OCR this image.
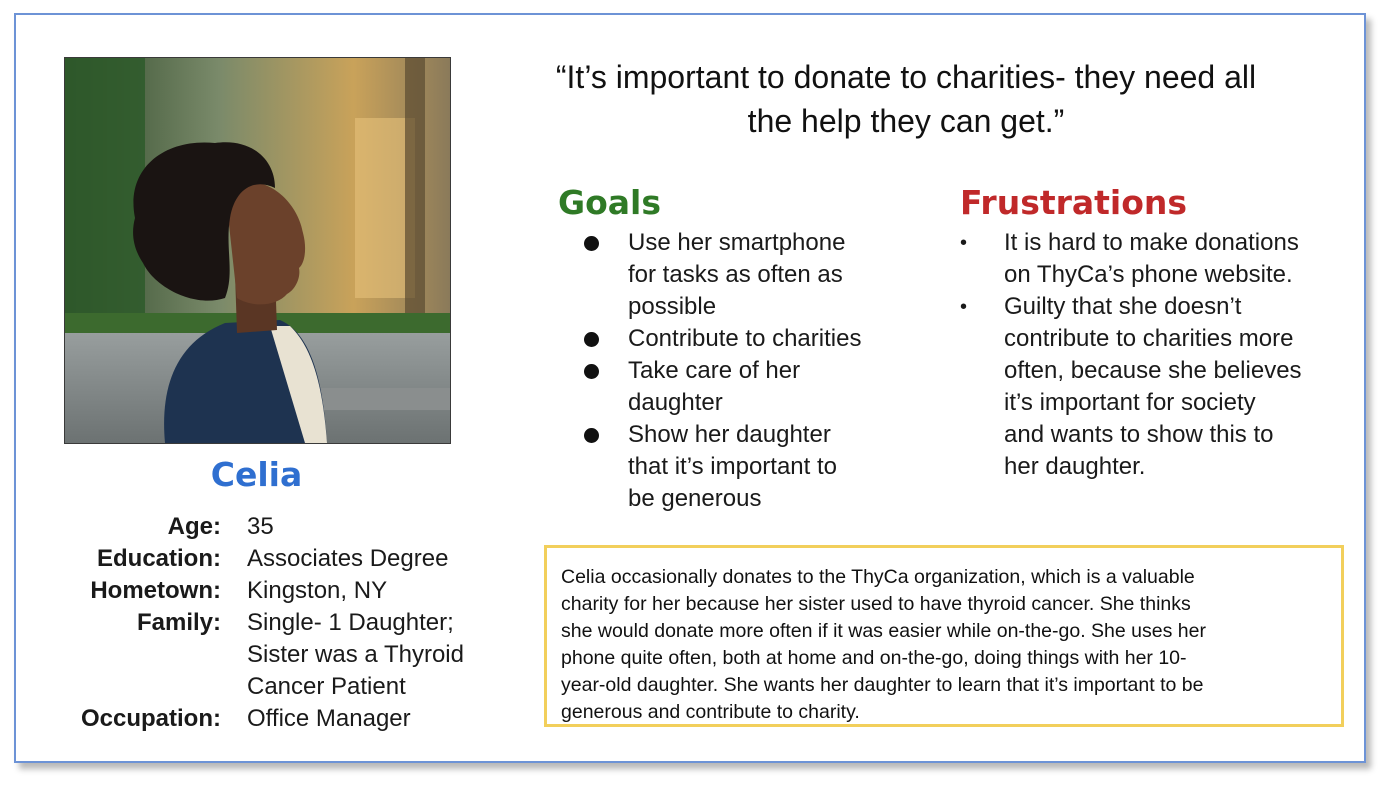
Celia
Age:	35
Education:	Associates Degree
Hometown:	Kingston, NY
Family:	Single- 1 Daughter;
Sister was a Thyroid
Cancer Patient
Occupation:	Office Manager
“It’s important to donate to charities- they need all
the help they can get.”
Goals
Use her smartphone
for tasks as often as
possible
Contribute to charities
Take care of her
daughter
Show her daughter
that it’s important to
be generous
Frustrations
• It is hard to make donations
on ThyCa’s phone website.
• Guilty that she doesn’t
contribute to charities more
often, because she believes
it’s important for society
and wants to show this to
her daughter.
Celia occasionally donates to the ThyCa organization, which is a valuable
charity for her because her sister used to have thyroid cancer. She thinks
she would donate more often if it was easier while on-the-go. She uses her
phone quite often, both at home and on-the-go, doing things with her 10-
year-old daughter. She wants her daughter to learn that it’s important to be
generous and contribute to charity.
